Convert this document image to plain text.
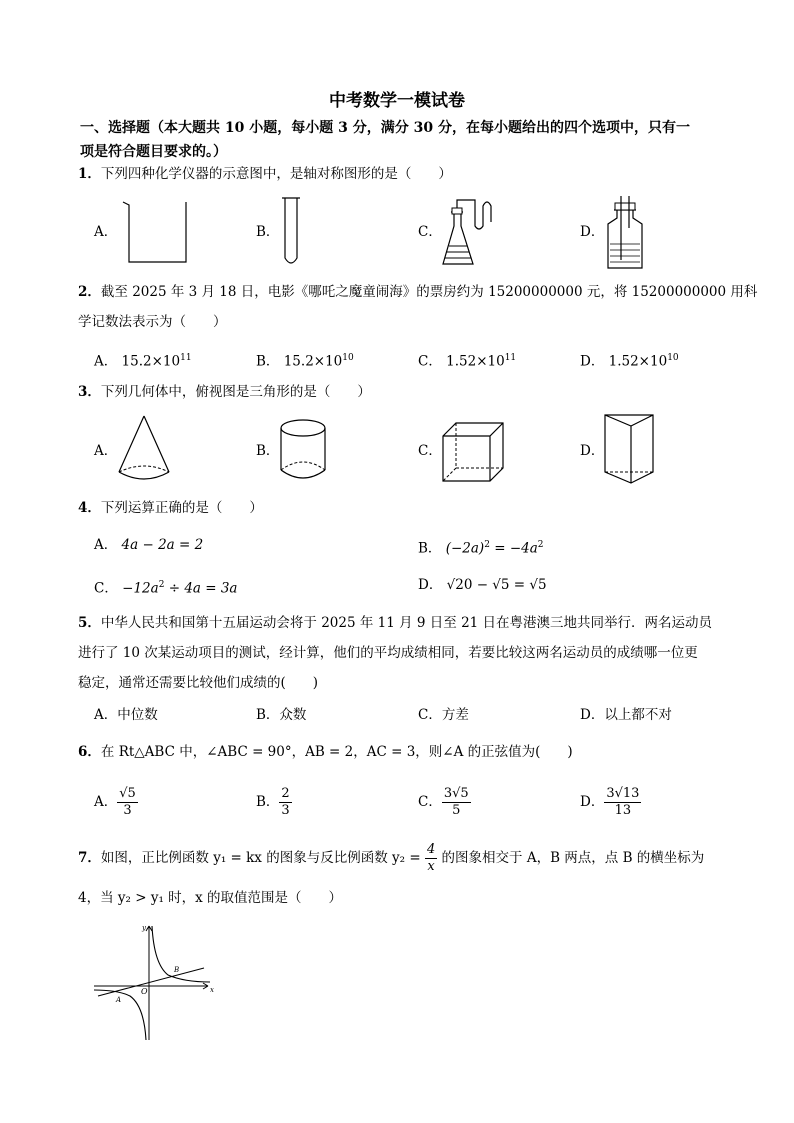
中考数学一模试卷
一、选择题（本大题共 10 小题，每小题 3 分，满分 30 分，在每小题给出的四个选项中，只有一
项是符合题目要求的。）
1．下列四种化学仪器的示意图中，是轴对称图形的是（　　）
A．	B．	C．	D．
2．截至 2025 年 3 月 18 日，电影《哪吒之魔童闹海》的票房约为 15200000000 元，将 15200000000 用科
学记数法表示为（　　）
A． $15.2\times 10^{11}$	B． $15.2\times 10^{10}$	C． $1.52\times 10^{11}$	D． $1.52\times 10^{10}$
3．下列几何体中，俯视图是三角形的是（　　）
A．	B．	C．	D．
4．下列运算正确的是（　　）
A． 4a − 2a = 2	B． $(-2a)^2 = -4a^2$
C． $-12a^2 \div 4a = 3a$	D． √20 − √5 = √5
5．中华人民共和国第十五届运动会将于 2025 年 11 月 9 日至 21 日在粤港澳三地共同举行．两名运动员
进行了 10 次某运动项目的测试，经计算，他们的平均成绩相同，若要比较这两名运动员的成绩哪一位更
稳定，通常还需要比较他们成绩的(　　)
A．中位数	B．众数	C．方差	D．以上都不对
6．在 Rt△ABC 中，∠ABC = 90°，AB = 2，AC = 3，则∠A 的正弦值为(　　)
A． $\frac{√5}{3}$	B． $\frac{2}{3}$	C． $\frac{3√5}{5}$	D． $\frac{3√13}{13}$
7．如图，正比例函数 y₁ = kx 的图象与反比例函数 $y_2 = \frac{4}{x}$ 的图象相交于 A，B 两点，点 B 的横坐标为
4，当 y₂ > y₁ 时，x 的取值范围是（　　）
x
y
O
A
B
